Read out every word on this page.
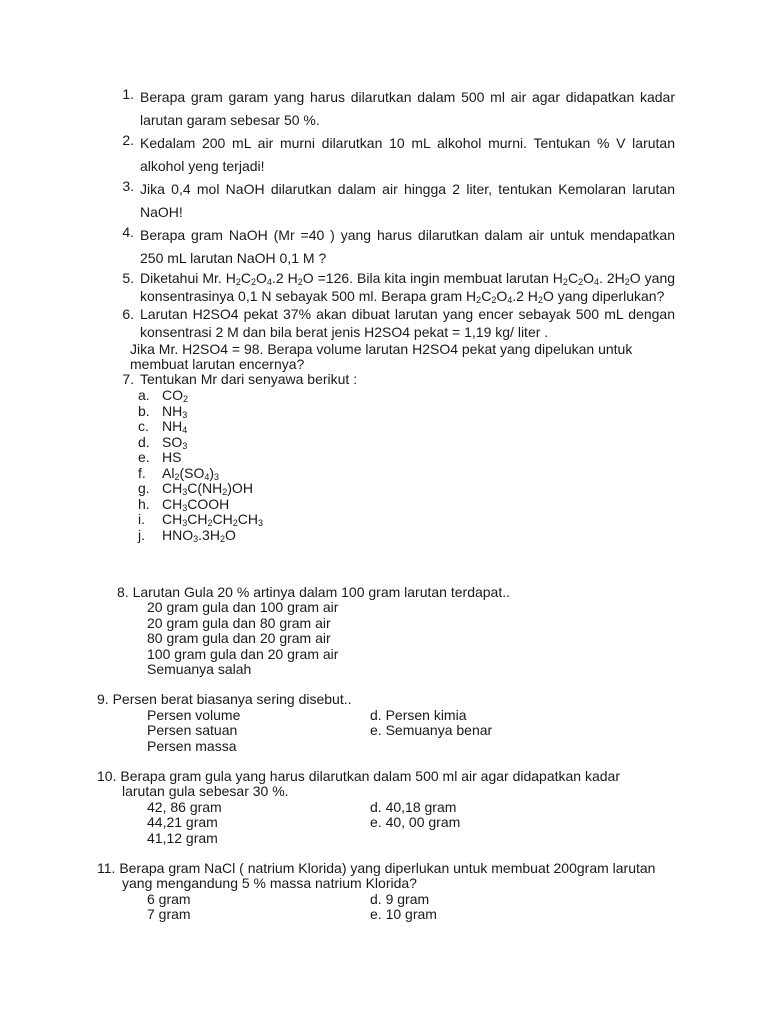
1. Berapa gram garam yang harus dilarutkan dalam 500 ml air agar didapatkan kadar larutan garam sebesar 50 %.
2. Kedalam 200 mL air murni dilarutkan 10 mL alkohol murni. Tentukan % V larutan alkohol yeng terjadi!
3. Jika 0,4 mol NaOH dilarutkan dalam air hingga 2 liter, tentukan Kemolaran larutan NaOH!
4. Berapa gram NaOH (Mr =40 ) yang harus dilarutkan dalam air untuk mendapatkan 250 mL larutan NaOH 0,1 M ?
5. Diketahui Mr. $H_2C_2O_4.2$ $H_2O =126$. Bila kita ingin membuat larutan $H_2C_2O_4$. $2H_2O$ yang konsentrasinya 0,1 N sebayak 500 ml. Berapa gram $H_2C_2O_4.2$ $H_2O$ yang diperlukan?
6. Larutan H2SO4 pekat 37% akan dibuat larutan yang encer sebayak 500 mL dengan konsentrasi 2 M dan bila berat jenis H2SO4 pekat = 1,19 kg/ liter .
Jika Mr. H2SO4 = 98. Berapa volume larutan H2SO4 pekat yang dipelukan untuk
membuat larutan encernya?
7. Tentukan Mr dari senyawa berikut :
a. $CO_2$
b. $NH_3$
c. $NH_4$
d. $SO_3$
e. HS
f. $Al_2(SO_4)_3$
g. $CH_3C(NH_2)OH$
h. $CH_3COOH$
i. $CH_3CH_2CH_2CH_3$
j. $HNO_3.3H_2O$
8. Larutan Gula 20 % artinya dalam 100 gram larutan terdapat..
20 gram gula dan 100 gram air
20 gram gula dan 80 gram air
80 gram gula dan 20 gram air
100 gram gula dan 20 gram air
Semuanya salah
9. Persen berat biasanya sering disebut..
Persen volume	d. Persen kimia
Persen satuan	e. Semuanya benar
Persen massa
10. Berapa gram gula yang harus dilarutkan dalam 500 ml air agar didapatkan kadar
larutan gula sebesar 30 %.
42, 86 gram	d. 40,18 gram
44,21 gram	e. 40, 00 gram
41,12 gram
11. Berapa gram NaCl ( natrium Klorida) yang diperlukan untuk membuat 200gram larutan
yang mengandung 5 % massa natrium Klorida?
6 gram	d. 9 gram
7 gram	e. 10 gram
